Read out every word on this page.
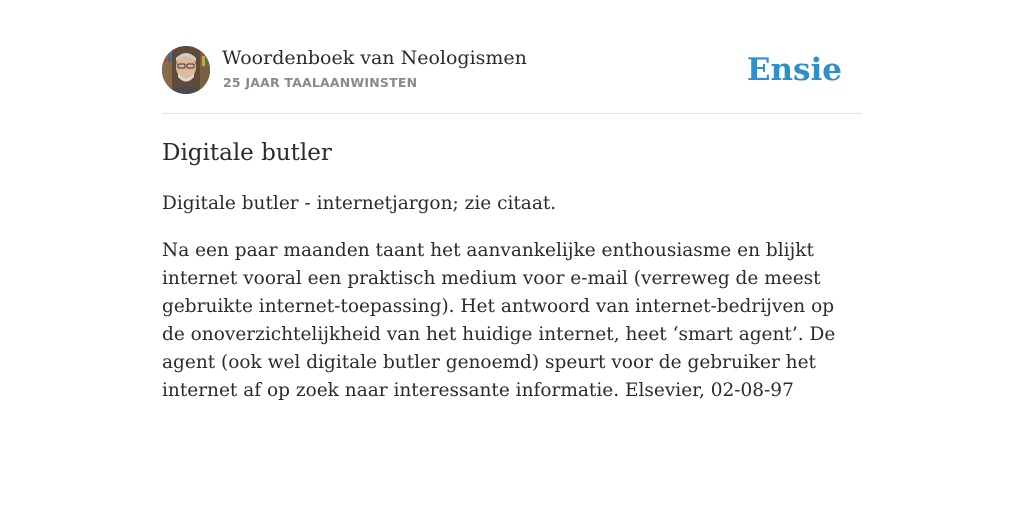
Woordenboek van Neologismen
25 JAAR TAALAANWINSTEN	Ensie
Digitale butler

Digitale butler - internetjargon; zie citaat.

Na een paar maanden taant het aanvankelijke enthousiasme en blijkt internet vooral een praktisch medium voor e-mail (verreweg de meest gebruikte internet-toepassing). Het antwoord van internet-bedrijven op de onoverzichtelijkheid van het huidige internet, heet ‘smart agent’. De agent (ook wel digitale butler genoemd) speurt voor de gebruiker het internet af op zoek naar interessante informatie. Elsevier, 02-08-97
